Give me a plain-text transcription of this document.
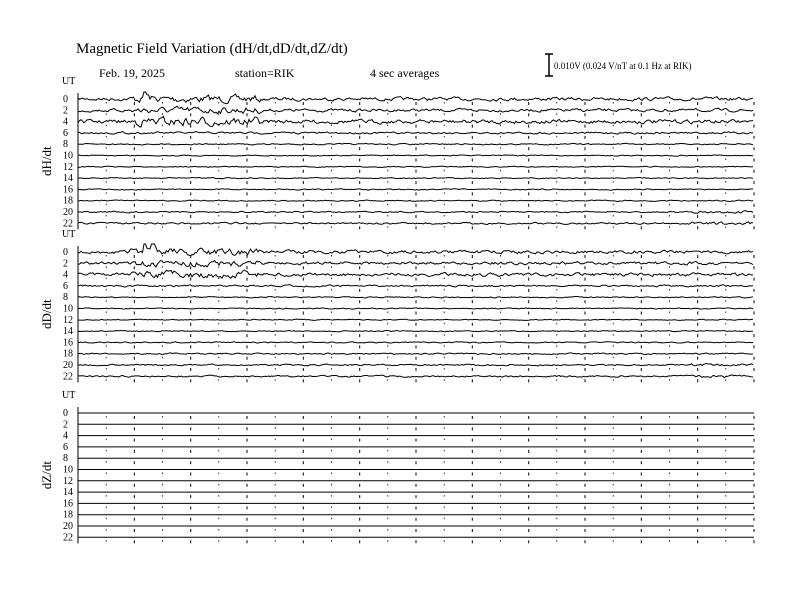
Magnetic Field Variation (dH/dt,dD/dt,dZ/dt)
Feb. 19, 2025	station=RIK	4 sec averages	0.010V (0.024 V/nT at 0.1 Hz at RIK)
UT
dH/dt
0
2
4
6
8
10
12
14
16
18
20
22
UT
dD/dt
0
2
4
6
8
10
12
14
16
18
20
22
UT
dZ/dt
0
2
4
6
8
10
12
14
16
18
20
22
